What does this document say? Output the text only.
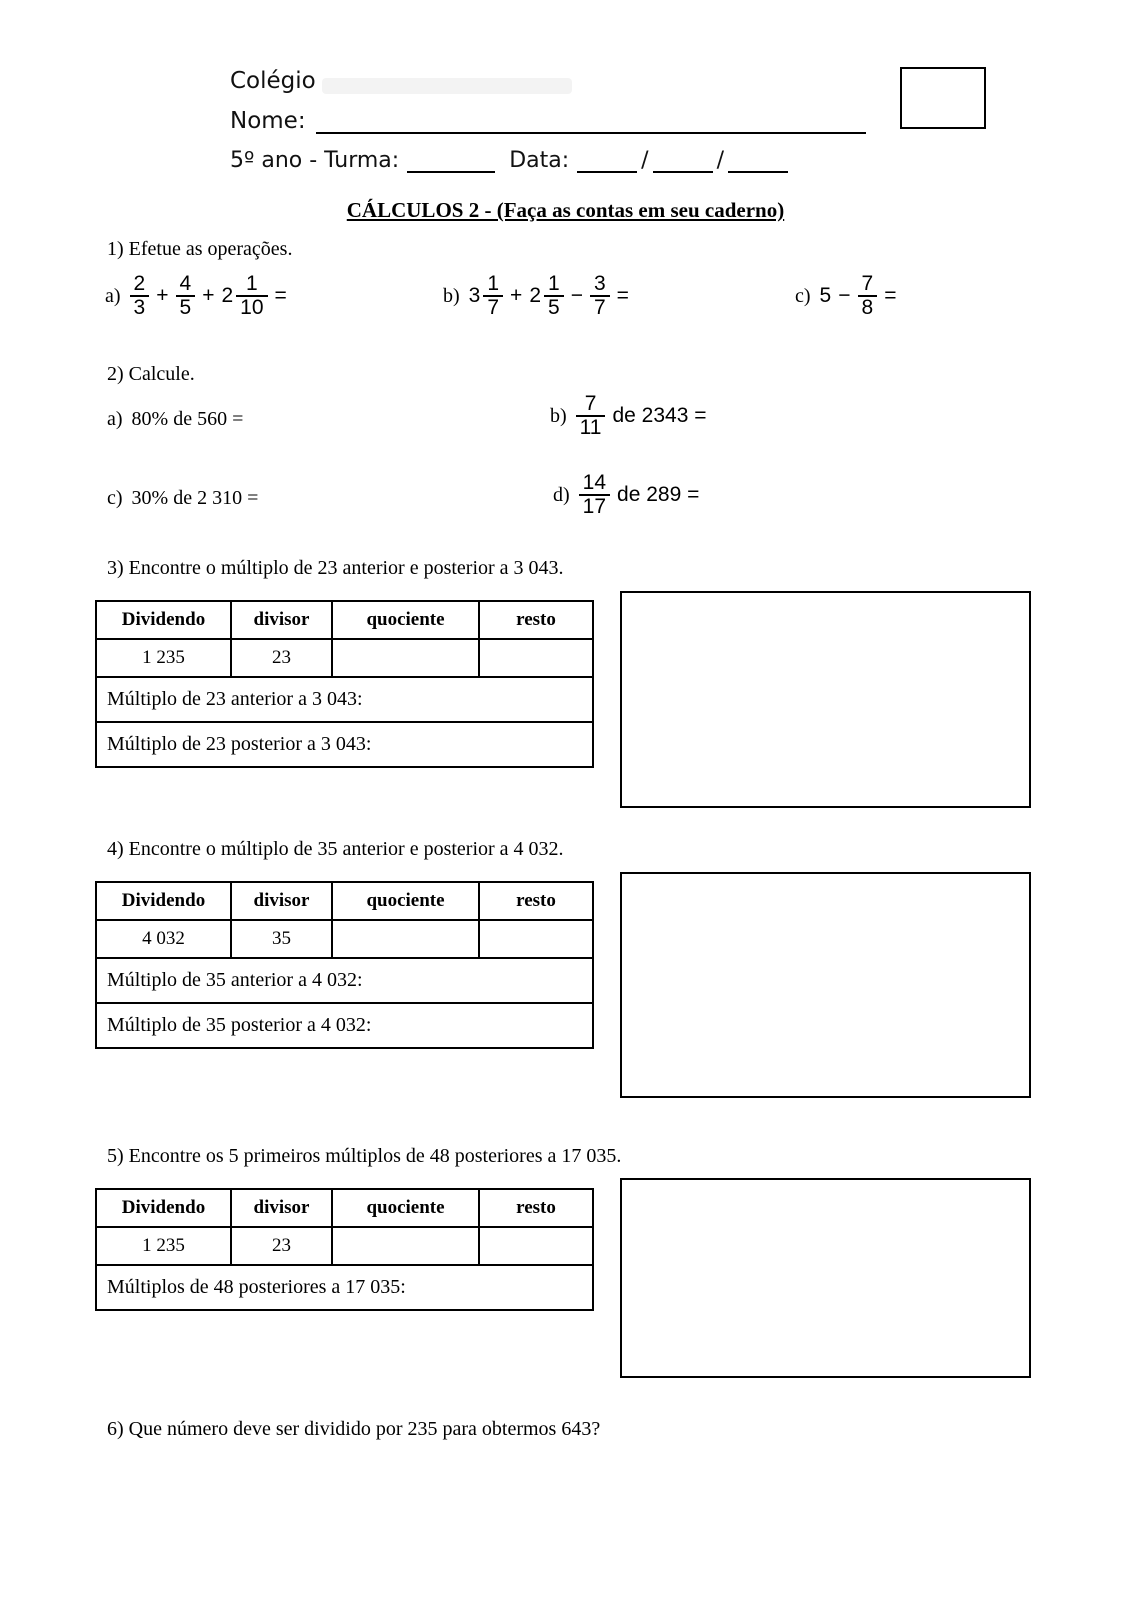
Colégio
Nome:
5º ano - Turma:	Data:	/	/
CÁLCULOS 2 - (Faça as contas em seu caderno)
1) Efetue as operações.
$a) \frac{2}{3} + \frac{4}{5} + 2 \frac{1}{10}$ =	b) $3 \frac{1}{7} + 2 \frac{1}{5} - \frac{3}{7}$ =	c) $5 - \frac{7}{8}$ =
2) Calcule.
a) 80% de 560 =	$b) \frac{7}{11}$ de 2343 =
c) 30% de 2 310 =	$d) \frac{14}{17}$ de 289 =
3) Encontre o múltiplo de 23 anterior e posterior a 3 043.
Dividendo	divisor	quociente	resto
1 235	23		
Múltiplo de 23 anterior a 3 043:			
Múltiplo de 23 posterior a 3 043:			
4) Encontre o múltiplo de 35 anterior e posterior a 4 032.
Dividendo	divisor	quociente	resto
4 032	35		
Múltiplo de 35 anterior a 4 032:			
Múltiplo de 35 posterior a 4 032:			
5) Encontre os 5 primeiros múltiplos de 48 posteriores a 17 035.
Dividendo	divisor	quociente	resto
1 235	23		
Múltiplos de 48 posteriores a 17 035:			
6) Que número deve ser dividido por 235 para obtermos 643?
